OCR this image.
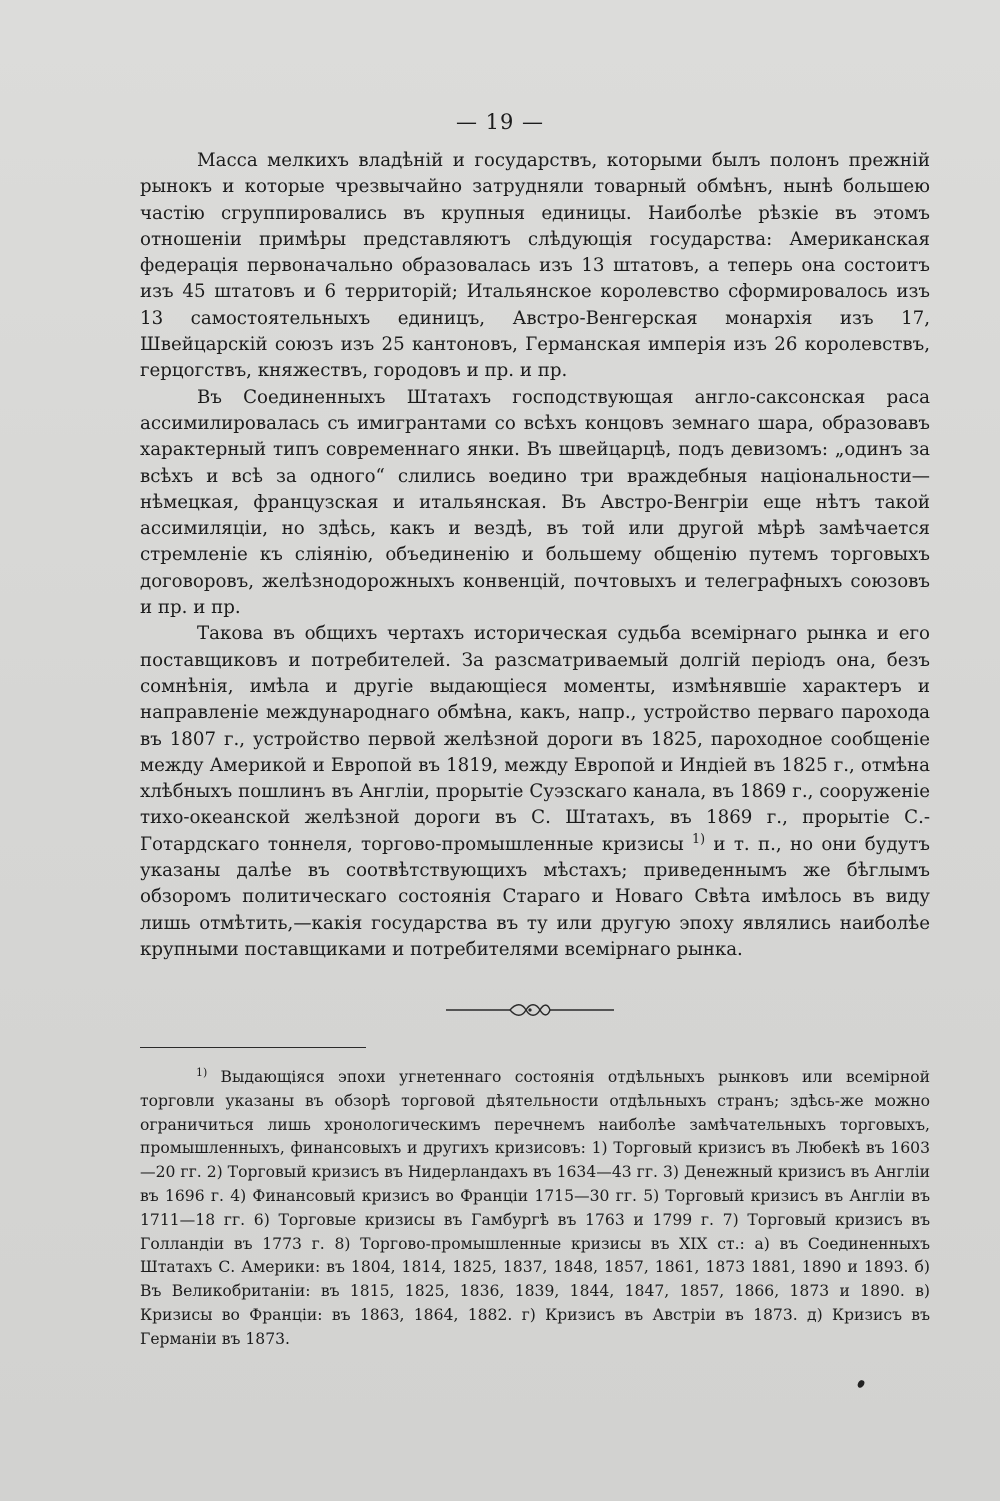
— 19 —

Масса мелкихъ владѣній и государствъ, которыми былъ полонъ прежній рынокъ и которые чрезвычайно затрудняли товарный обмѣнъ, нынѣ большею частію сгруппировались въ крупныя единицы. Наиболѣе рѣзкіе въ этомъ отношеніи примѣры представляютъ слѣдующія государства: Американская федерація первоначально образовалась изъ 13 штатовъ, а теперь она состоитъ изъ 45 штатовъ и 6 территорій; Итальянское королевство сформировалось изъ 13 самостоятельныхъ единицъ, Австро-Венгерская монархія изъ 17, Швейцарскій союзъ изъ 25 кантоновъ, Германская имперія изъ 26 королевствъ, герцогствъ, княжествъ, городовъ и пр. и пр.

Въ Соединенныхъ Штатахъ господствующая англо-саксонская раса ассимилировалась съ имигрантами со всѣхъ концовъ земнаго шара, образовавъ характерный типъ современнаго янки. Въ швейцарцѣ, подъ девизомъ: „одинъ за всѣхъ и всѣ за одного“ слились воедино три враждебныя національности—нѣмецкая, французская и итальянская. Въ Австро-Венгріи еще нѣтъ такой ассимиляціи, но здѣсь, какъ и вездѣ, въ той или другой мѣрѣ замѣчается стремленіе къ сліянію, объединенію и большему общенію путемъ торговыхъ договоровъ, желѣзнодорожныхъ конвенцій, почтовыхъ и телеграфныхъ союзовъ и пр. и пр.

Такова въ общихъ чертахъ историческая судьба всемірнаго рынка и его поставщиковъ и потребителей. За разсматриваемый долгій періодъ она, безъ сомнѣнія, имѣла и другіе выдающіеся моменты, измѣнявшіе характеръ и направленіе международнаго обмѣна, какъ, напр., устройство перваго парохода въ 1807 г., устройство первой желѣзной дороги въ 1825, пароходное сообщеніе между Америкой и Европой въ 1819, между Европой и Индіей въ 1825 г., отмѣна хлѣбныхъ пошлинъ въ Англіи, прорытіе Суэзскаго канала, въ 1869 г., сооруженіе тихо-океанской желѣзной дороги въ С. Штатахъ, въ 1869 г., прорытіе С.-Готардскаго тоннеля, торгово-промышленные кризисы $^{1)}$ и т. п., но они будутъ указаны далѣе въ соотвѣтствующихъ мѣстахъ; приведеннымъ же бѣглымъ обзоромъ политическаго состоянія Стараго и Новаго Свѣта имѣлось въ виду лишь отмѣтить,—какія государства въ ту или другую эпоху являлись наиболѣе крупными поставщиками и потребителями всемірнаго рынка.

$^{1)}$ Выдающіяся эпохи угнетеннаго состоянія отдѣльныхъ рынковъ или всемірной торговли указаны въ обзорѣ торговой дѣятельности отдѣльныхъ странъ; здѣсь-же можно ограничиться лишь хронологическимъ перечнемъ наиболѣе замѣчательныхъ торговыхъ, промышленныхъ, финансовыхъ и другихъ кризисовъ: 1) Торговый кризисъ въ Любекѣ въ 1603—20 гг. 2) Торговый кризисъ въ Нидерландахъ въ 1634—43 гг. 3) Денежный кризисъ въ Англіи въ 1696 г. 4) Финансовый кризисъ во Франціи 1715—30 гг. 5) Торговый кризисъ въ Англіи въ 1711—18 гг. 6) Торговые кризисы въ Гамбургѣ въ 1763 и 1799 г. 7) Торговый кризисъ въ Голландіи въ 1773 г. 8) Торгово-промышленные кризисы въ XIX ст.: а) въ Соединенныхъ Штатахъ С. Америки: въ 1804, 1814, 1825, 1837, 1848, 1857, 1861, 1873 1881, 1890 и 1893. б) Въ Великобританіи: въ 1815, 1825, 1836, 1839, 1844, 1847, 1857, 1866, 1873 и 1890. в) Кризисы во Франціи: въ 1863, 1864, 1882. г) Кризисъ въ Австріи въ 1873. д) Кризисъ въ Германіи въ 1873.
